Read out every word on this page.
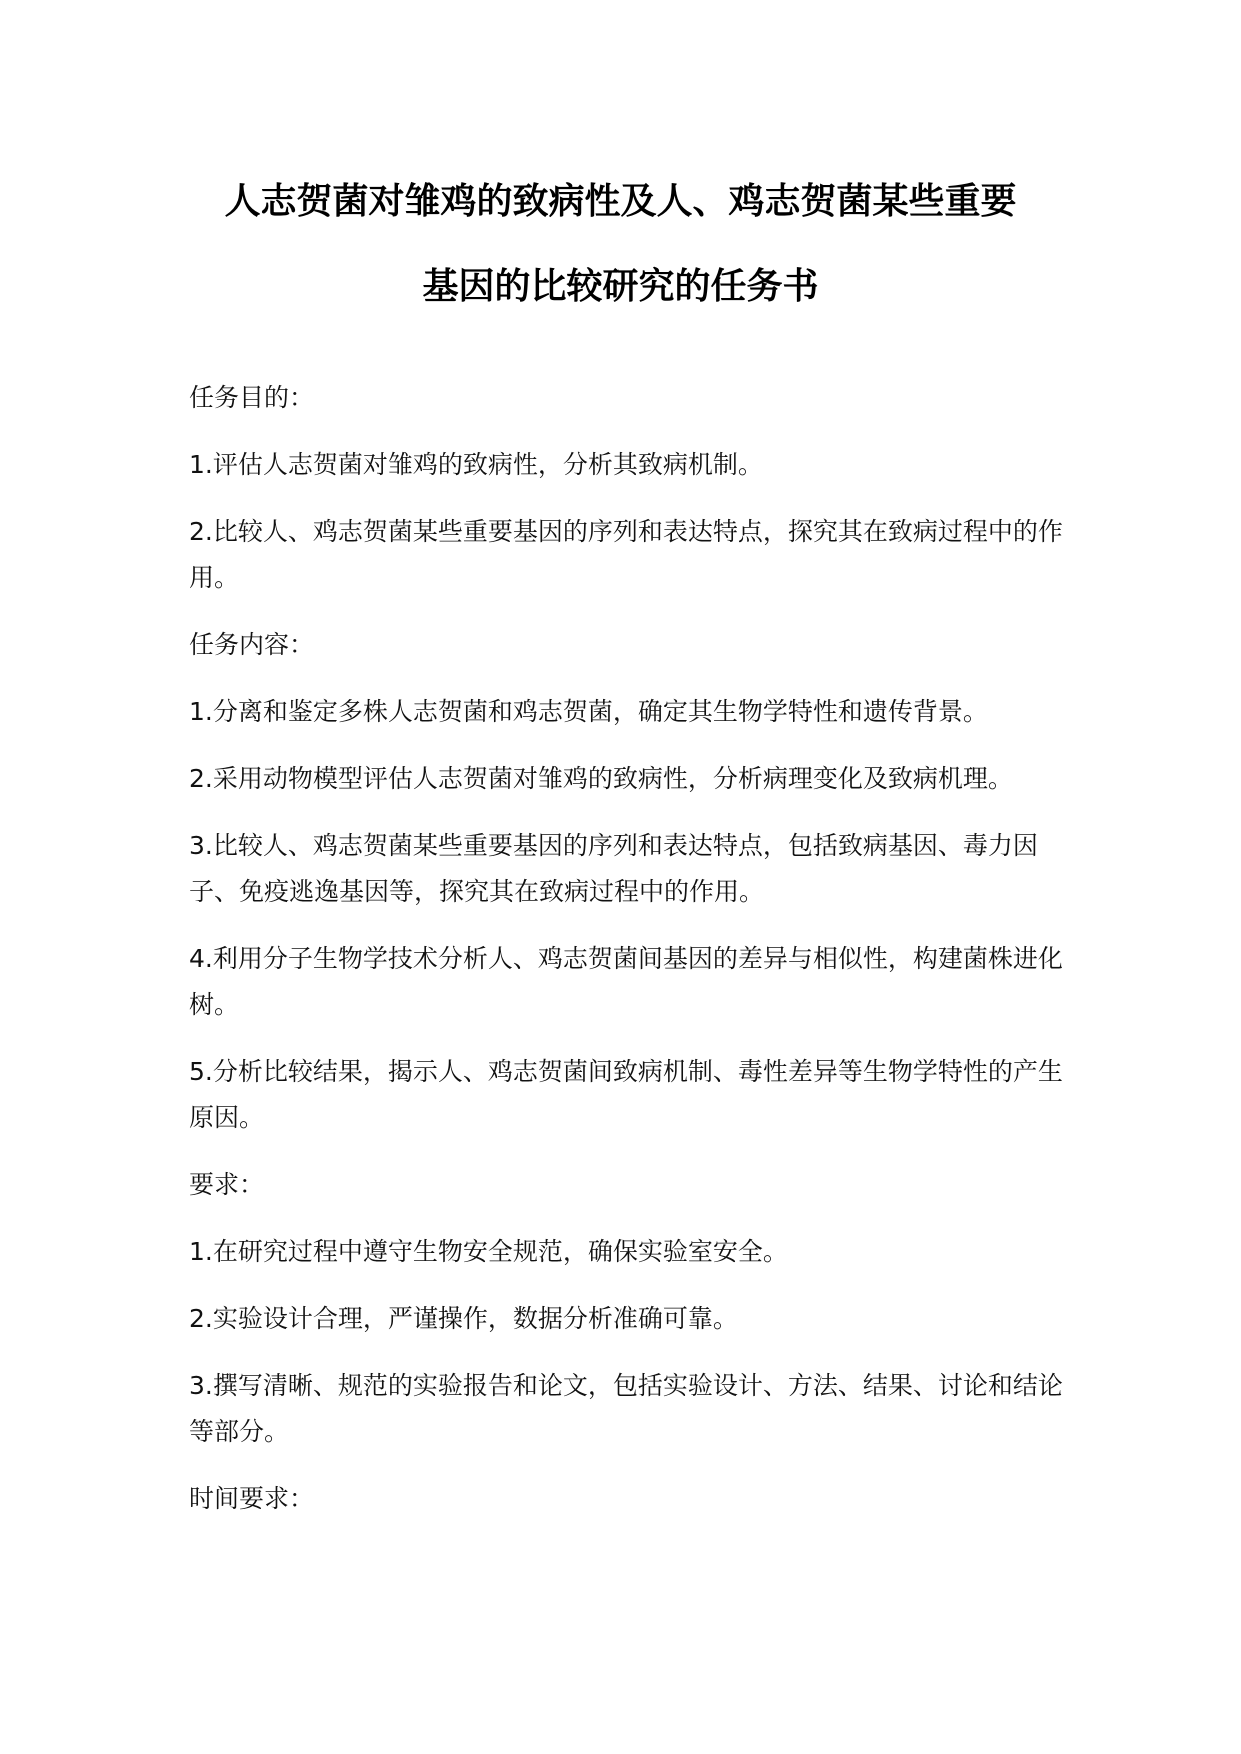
人志贺菌对雏鸡的致病性及人、鸡志贺菌某些重要
基因的比较研究的任务书

任务目的：

1.评估人志贺菌对雏鸡的致病性，分析其致病机制。

2.比较人、鸡志贺菌某些重要基因的序列和表达特点，探究其在致病过程中的作用。

任务内容：

1.分离和鉴定多株人志贺菌和鸡志贺菌，确定其生物学特性和遗传背景。

2.采用动物模型评估人志贺菌对雏鸡的致病性，分析病理变化及致病机理。

3.比较人、鸡志贺菌某些重要基因的序列和表达特点，包括致病基因、毒力因子、免疫逃逸基因等，探究其在致病过程中的作用。

4.利用分子生物学技术分析人、鸡志贺菌间基因的差异与相似性，构建菌株进化树。

5.分析比较结果，揭示人、鸡志贺菌间致病机制、毒性差异等生物学特性的产生原因。

要求：

1.在研究过程中遵守生物安全规范，确保实验室安全。

2.实验设计合理，严谨操作，数据分析准确可靠。

3.撰写清晰、规范的实验报告和论文，包括实验设计、方法、结果、讨论和结论等部分。

时间要求：
